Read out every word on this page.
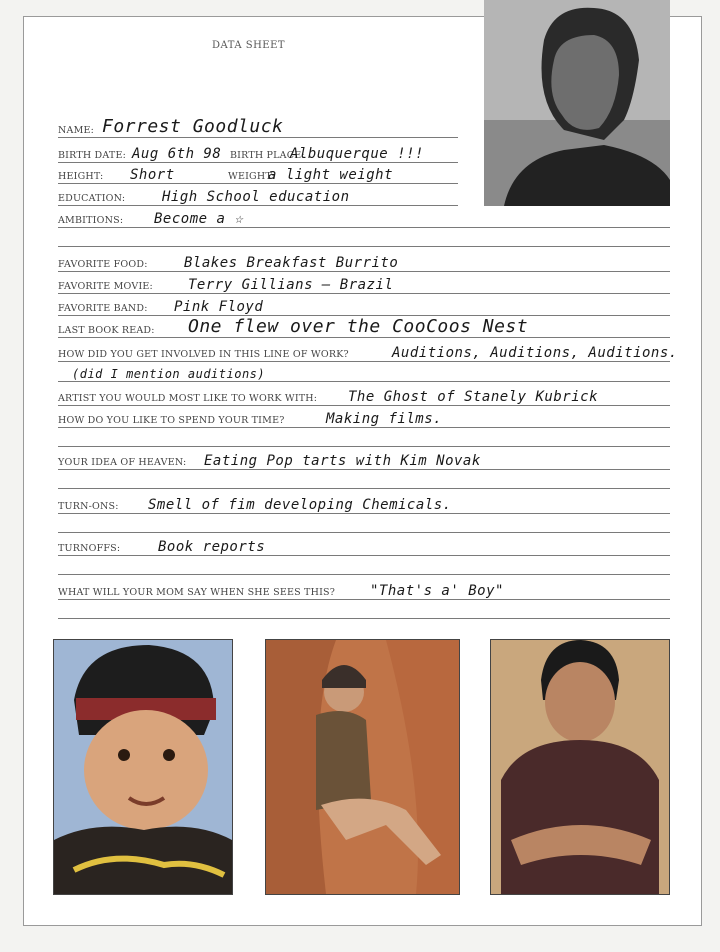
DATA SHEET
NAME: Forrest Goodluck
BIRTH DATE: Aug 6th 98 BIRTH PLACE:
Albuquerque !!!
HEIGHT: Short	WEIGHT:
a light weight
EDUCATION:	High School education
AMBITIONS: Become a ☆
FAVORITE FOOD:	Blakes Breakfast Burrito
FAVORITE MOVIE:	Terry Gillians – Brazil
FAVORITE BAND: Pink Floyd
LAST BOOK READ: One flew over the CooCoos Nest
HOW DID YOU GET INVOLVED IN THIS LINE OF WORK?	Auditions, Auditions, Auditions.
(did I mention auditions)
ARTIST YOU WOULD MOST LIKE TO WORK WITH: The Ghost of Stanely Kubrick
HOW DO YOU LIKE TO SPEND YOUR TIME?	Making films.
YOUR IDEA OF HEAVEN: Eating Pop tarts with Kim Novak
TURN-ONS: Smell of fim developing Chemicals.
TURNOFFS:	Book reports
WHAT WILL YOUR MOM SAY WHEN SHE SEES THIS? "That's a' Boy"
